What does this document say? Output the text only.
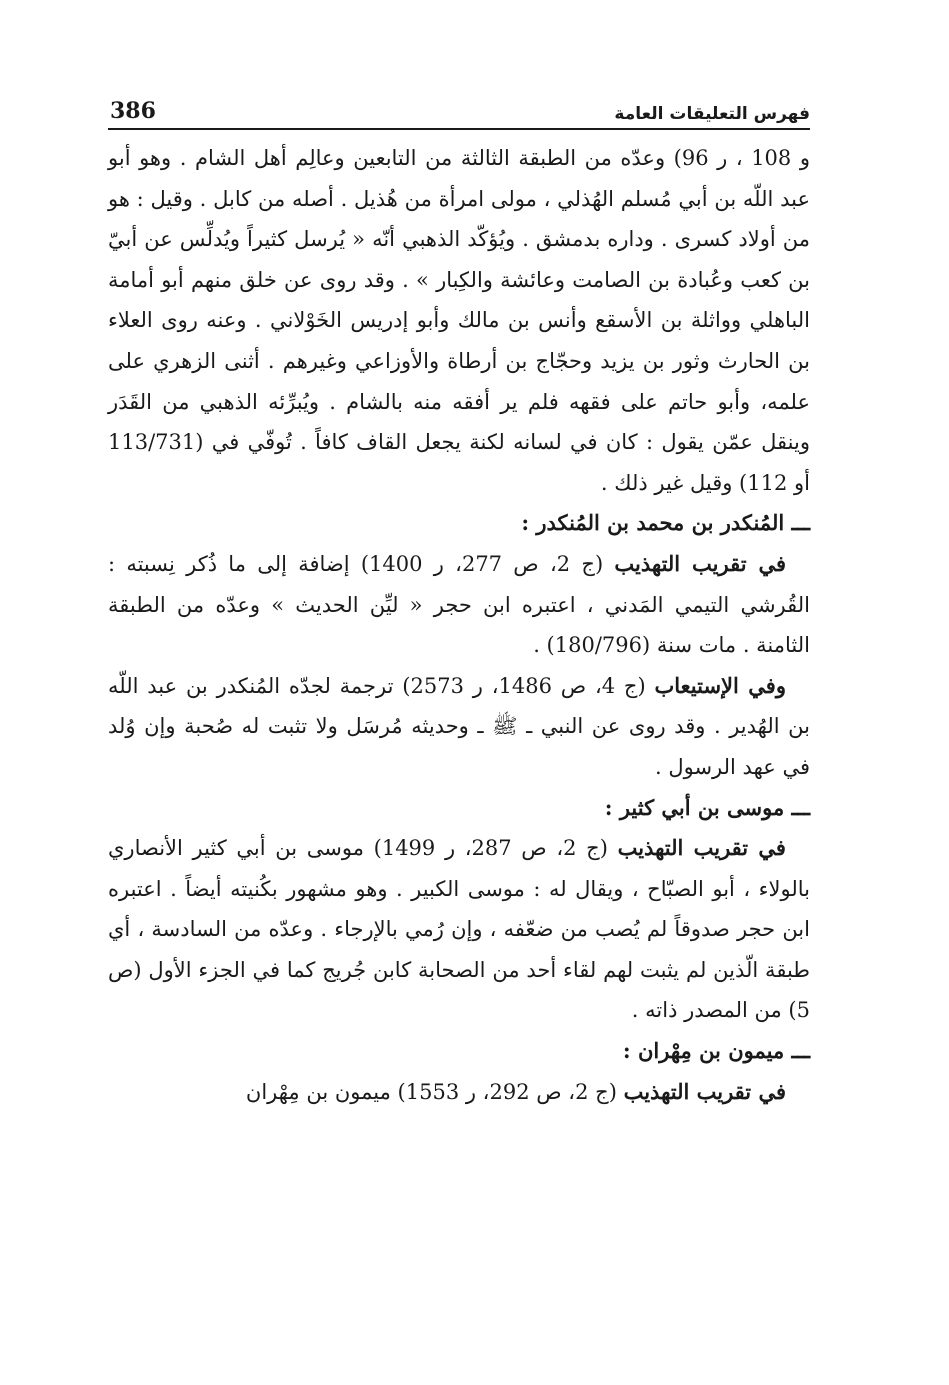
386	فهرس التعليقات العامة

و 108 ، ر 96) وعدّه من الطبقة الثالثة من التابعين وعالِم أهل الشام . وهو أبو عبد اللّه بن أبي مُسلم الهُذلي ، مولى امرأة من هُذيل . أصله من كابل . وقيل : هو من أولاد كسرى . وداره بدمشق . ويُؤكّد الذهبي أنّه « يُرسل كثيراً ويُدلِّس عن أبيّ بن كعب وعُبادة بن الصامت وعائشة والكِبار » . وقد روى عن خلق منهم أبو أمامة الباهلي وواثلة بن الأسقع وأنس بن مالك وأبو إدريس الخَوْلاني . وعنه روى العلاء بن الحارث وثور بن يزيد وحجّاج بن أرطاة والأوزاعي وغيرهم . أثنى الزهري على علمه، وأبو حاتم على فقهه فلم ير أفقه منه بالشام . ويُبرِّئه الذهبي من القَدَر وينقل عمّن يقول : كان في لسانه لكنة يجعل القاف كافاً . تُوفّي في (113/731 أو 112) وقيل غير ذلك .

ـــ المُنكدر بن محمد بن المُنكدر :

في تقريب التهذيب (ج 2، ص 277، ر 1400) إضافة إلى ما ذُكر نِسبته : القُرشي التيمي المَدني ، اعتبره ابن حجر « ليِّن الحديث » وعدّه من الطبقة الثامنة . مات سنة (180/796) .

وفي الإستيعاب (ج 4، ص 1486، ر 2573) ترجمة لجدّه المُنكدر بن عبد اللّه بن الهُدير . وقد روى عن النبي ـ ﷺ ـ وحديثه مُرسَل ولا تثبت له صُحبة وإن وُلد في عهد الرسول .

ـــ موسى بن أبي كثير :

في تقريب التهذيب (ج 2، ص 287، ر 1499) موسى بن أبي كثير الأنصاري بالولاء ، أبو الصبّاح ، ويقال له : موسى الكبير . وهو مشهور بكُنيته أيضاً . اعتبره ابن حجر صدوقاً لم يُصب من ضعّفه ، وإن رُمي بالإرجاء . وعدّه من السادسة ، أي طبقة الّذين لم يثبت لهم لقاء أحد من الصحابة كابن جُريج كما في الجزء الأول (ص 5) من المصدر ذاته .

ـــ ميمون بن مِهْران :

في تقريب التهذيب (ج 2، ص 292، ر 1553) ميمون بن مِهْران
